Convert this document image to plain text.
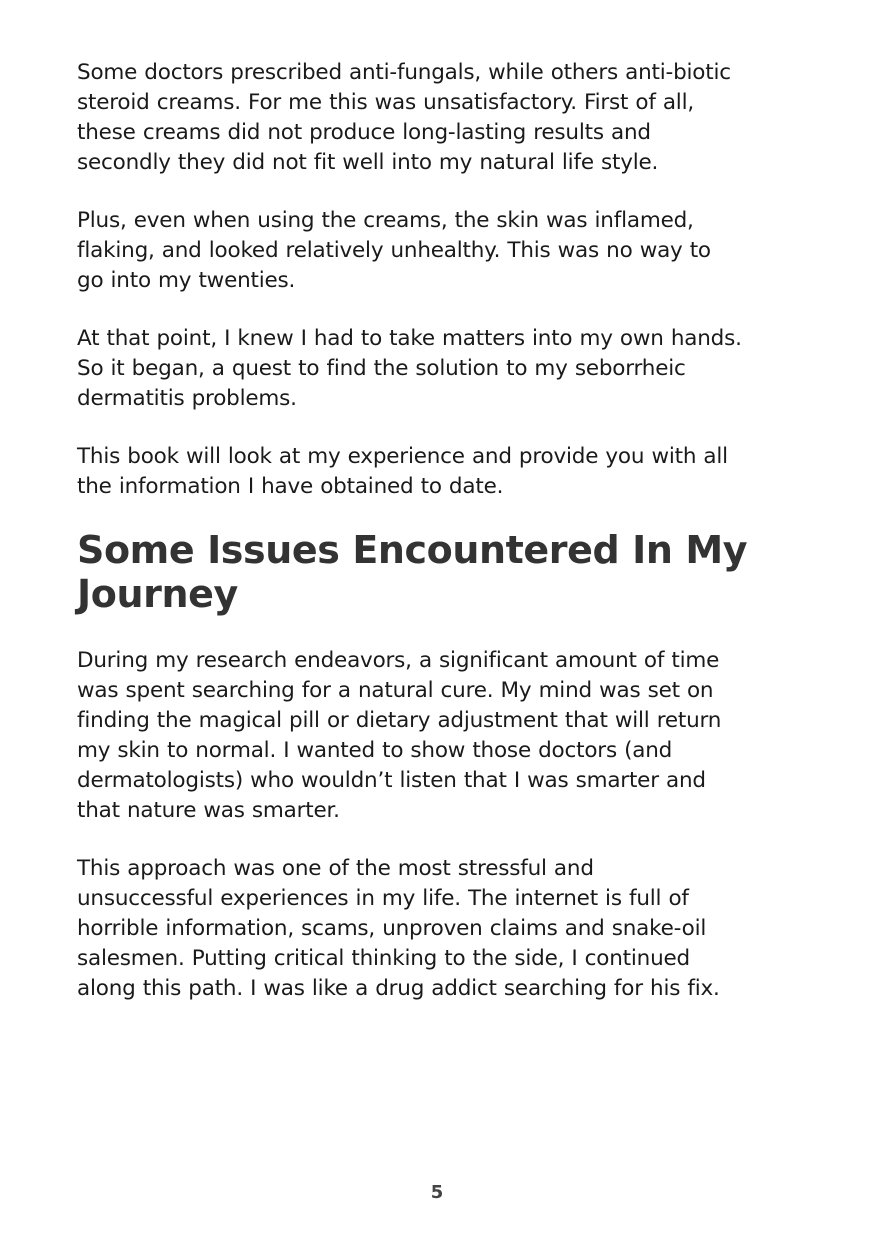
Some doctors prescribed anti-fungals, while others anti-biotic
steroid creams. For me this was unsatisfactory. First of all,
these creams did not produce long-lasting results and
secondly they did not fit well into my natural life style.

Plus, even when using the creams, the skin was inflamed,
flaking, and looked relatively unhealthy. This was no way to
go into my twenties.

At that point, I knew I had to take matters into my own hands.
So it began, a quest to find the solution to my seborrheic
dermatitis problems.

This book will look at my experience and provide you with all
the information I have obtained to date.

Some Issues Encountered In My
Journey

During my research endeavors, a significant amount of time
was spent searching for a natural cure. My mind was set on
finding the magical pill or dietary adjustment that will return
my skin to normal. I wanted to show those doctors (and
dermatologists) who wouldn’t listen that I was smarter and
that nature was smarter.

This approach was one of the most stressful and
unsuccessful experiences in my life. The internet is full of
horrible information, scams, unproven claims and snake-oil
salesmen. Putting critical thinking to the side, I continued
along this path. I was like a drug addict searching for his fix.

5
